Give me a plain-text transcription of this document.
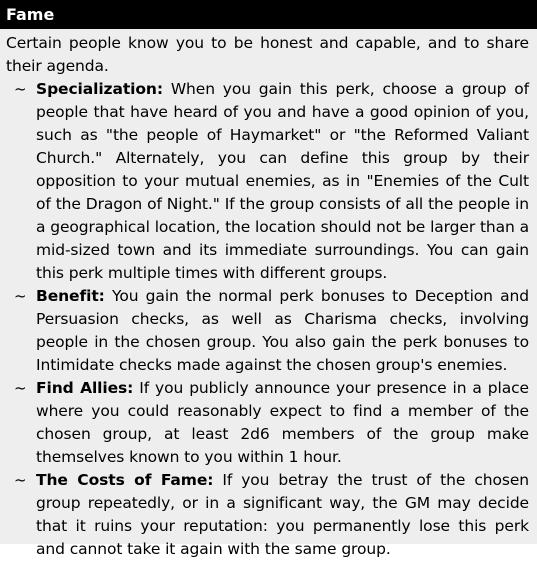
Fame

Certain people know you to be honest and capable, and to share their agenda.

~ Specialization: When you gain this perk, choose a group of people that have heard of you and have a good opinion of you, such as "the people of Haymarket" or "the Reformed Valiant Church." Alternately, you can define this group by their opposition to your mutual enemies, as in "Enemies of the Cult of the Dragon of Night." If the group consists of all the people in a geographical location, the location should not be larger than a mid-sized town and its immediate surroundings. You can gain this perk multiple times with different groups.
~ Benefit: You gain the normal perk bonuses to Deception and Persuasion checks, as well as Charisma checks, involving people in the chosen group. You also gain the perk bonuses to Intimidate checks made against the chosen group's enemies.
~ Find Allies: If you publicly announce your presence in a place where you could reasonably expect to find a member of the chosen group, at least 2d6 members of the group make themselves known to you within 1 hour.
~ The Costs of Fame: If you betray the trust of the chosen group repeatedly, or in a significant way, the GM may decide that it ruins your reputation: you permanently lose this perk and cannot take it again with the same group.
